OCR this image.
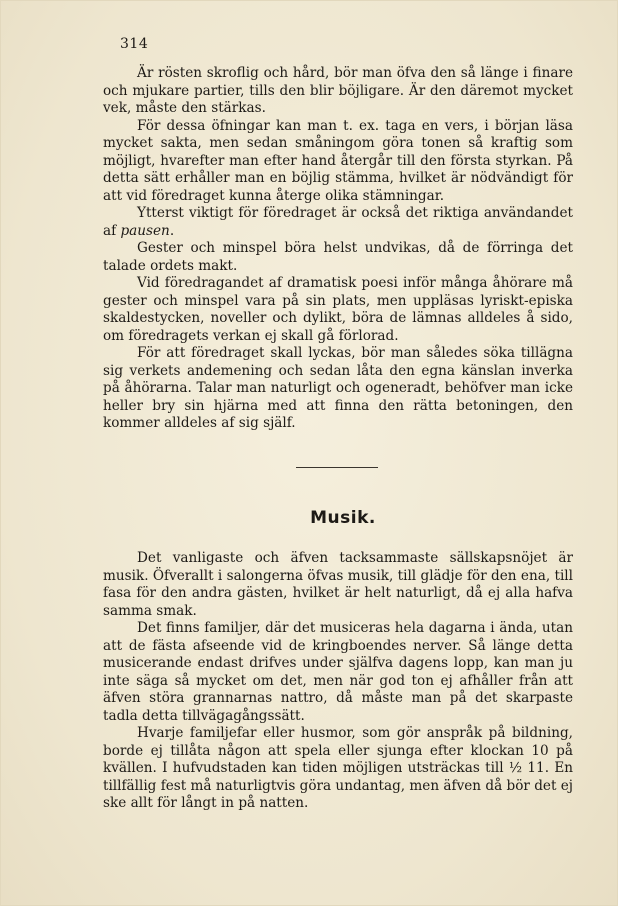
314

Är rösten skroflig och hård, bör man öfva den så länge i finare och mjukare partier, tills den blir böjligare. Är den däremot mycket vek, måste den stärkas.

För dessa öfningar kan man t. ex. taga en vers, i början läsa mycket sakta, men sedan småningom göra tonen så kraftig som möjligt, hvarefter man efter hand återgår till den första styrkan. På detta sätt erhåller man en böjlig stämma, hvilket är nödvändigt för att vid föredraget kunna återge olika stämningar.

Ytterst viktigt för föredraget är också det riktiga användandet af pausen.

Gester och minspel böra helst undvikas, då de förringa det talade ordets makt.

Vid föredragandet af dramatisk poesi inför många åhörare må gester och minspel vara på sin plats, men uppläsas lyriskt-episka skaldestycken, noveller och dylikt, böra de lämnas alldeles å sido, om föredragets verkan ej skall gå förlorad.

För att föredraget skall lyckas, bör man således söka tillägna sig verkets andemening och sedan låta den egna känslan inverka på åhörarna. Talar man naturligt och ogeneradt, behöfver man icke heller bry sin hjärna med att finna den rätta betoningen, den kommer alldeles af sig själf.

Musik.

Det vanligaste och äfven tacksammaste sällskapsnöjet är musik. Öfverallt i salongerna öfvas musik, till glädje för den ena, till fasa för den andra gästen, hvilket är helt naturligt, då ej alla hafva samma smak.

Det finns familjer, där det musiceras hela dagarna i ända, utan att de fästa afseende vid de kringboendes nerver. Så länge detta musicerande endast drifves under själfva dagens lopp, kan man ju inte säga så mycket om det, men när god ton ej afhåller från att äfven störa grannarnas nattro, då måste man på det skarpaste tadla detta tillvägagångssätt.

Hvarje familjefar eller husmor, som gör anspråk på bildning, borde ej tillåta någon att spela eller sjunga efter klockan 10 på kvällen. I hufvudstaden kan tiden möjligen utsträckas till ½ 11. En tillfällig fest må naturligtvis göra undantag, men äfven då bör det ej ske allt för långt in på natten.
